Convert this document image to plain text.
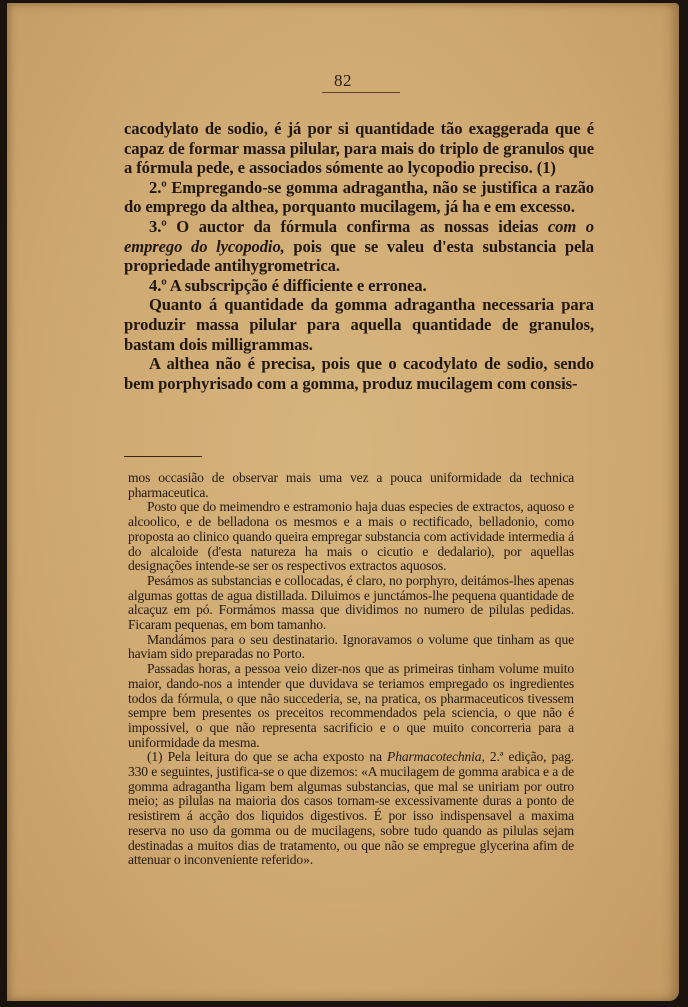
82

cacodylato de sodio, é já por si quantidade tão exaggerada que é capaz de formar massa pilular, para mais do triplo de granulos que a fórmula pede, e associados sómente ao lycopodio preciso. (1)

2.º Empregando-se gomma adragantha, não se justifica a razão do emprego da althea, porquanto mucilagem, já ha e em excesso.

3.º O auctor da fórmula confirma as nossas ideias com o emprego do lycopodio, pois que se valeu d'esta substancia pela propriedade antihygrometrica.

4.º A subscripção é difficiente e erronea.

Quanto á quantidade da gomma adragantha necessaria para produzir massa pilular para aquella quantidade de granulos, bastam dois milligrammas.

A althea não é precisa, pois que o cacodylato de sodio, sendo bem porphyrisado com a gomma, produz mucilagem com consis-

mos occasião de observar mais uma vez a pouca uniformidade da technica pharmaceutica.

Posto que do meimendro e estramonio haja duas especies de extractos, aquoso e alcoolico, e de belladona os mesmos e a mais o rectificado, belladonio, como proposta ao clinico quando queira empregar substancia com actividade intermedia á do alcaloide (d'esta natureza ha mais o cicutio e dedalario), por aquellas designações intende-se ser os respectivos extractos aquosos.

Pesámos as substancias e collocadas, é claro, no porphyro, deitámos-lhes apenas algumas gottas de agua distillada. Diluimos e junctámos-lhe pequena quantidade de alcaçuz em pó. Formámos massa que dividimos no numero de pilulas pedidas. Ficaram pequenas, em bom tamanho.

Mandámos para o seu destinatario. Ignoravamos o volume que tinham as que haviam sido preparadas no Porto.

Passadas horas, a pessoa veio dizer-nos que as primeiras tinham volume muito maior, dando-nos a intender que duvidava se teriamos empregado os ingredientes todos da fórmula, o que não succederia, se, na pratica, os pharmaceuticos tivessem sempre bem presentes os preceitos recommendados pela sciencia, o que não é impossivel, o que não representa sacrificio e o que muito concorreria para a uniformidade da mesma.

(1) Pela leitura do que se acha exposto na Pharmacotechnia, 2.ª edição, pag. 330 e seguintes, justifica-se o que dizemos: «A mucilagem de gomma arabica e a de gomma adragantha ligam bem algumas substancias, que mal se uniriam por outro meio; as pilulas na maioria dos casos tornam-se excessivamente duras a ponto de resistirem á acção dos liquidos digestivos. É por isso indispensavel a maxima reserva no uso da gomma ou de mucilagens, sobre tudo quando as pilulas sejam destinadas a muitos dias de tratamento, ou que não se empregue glycerina afim de attenuar o inconveniente referido».
